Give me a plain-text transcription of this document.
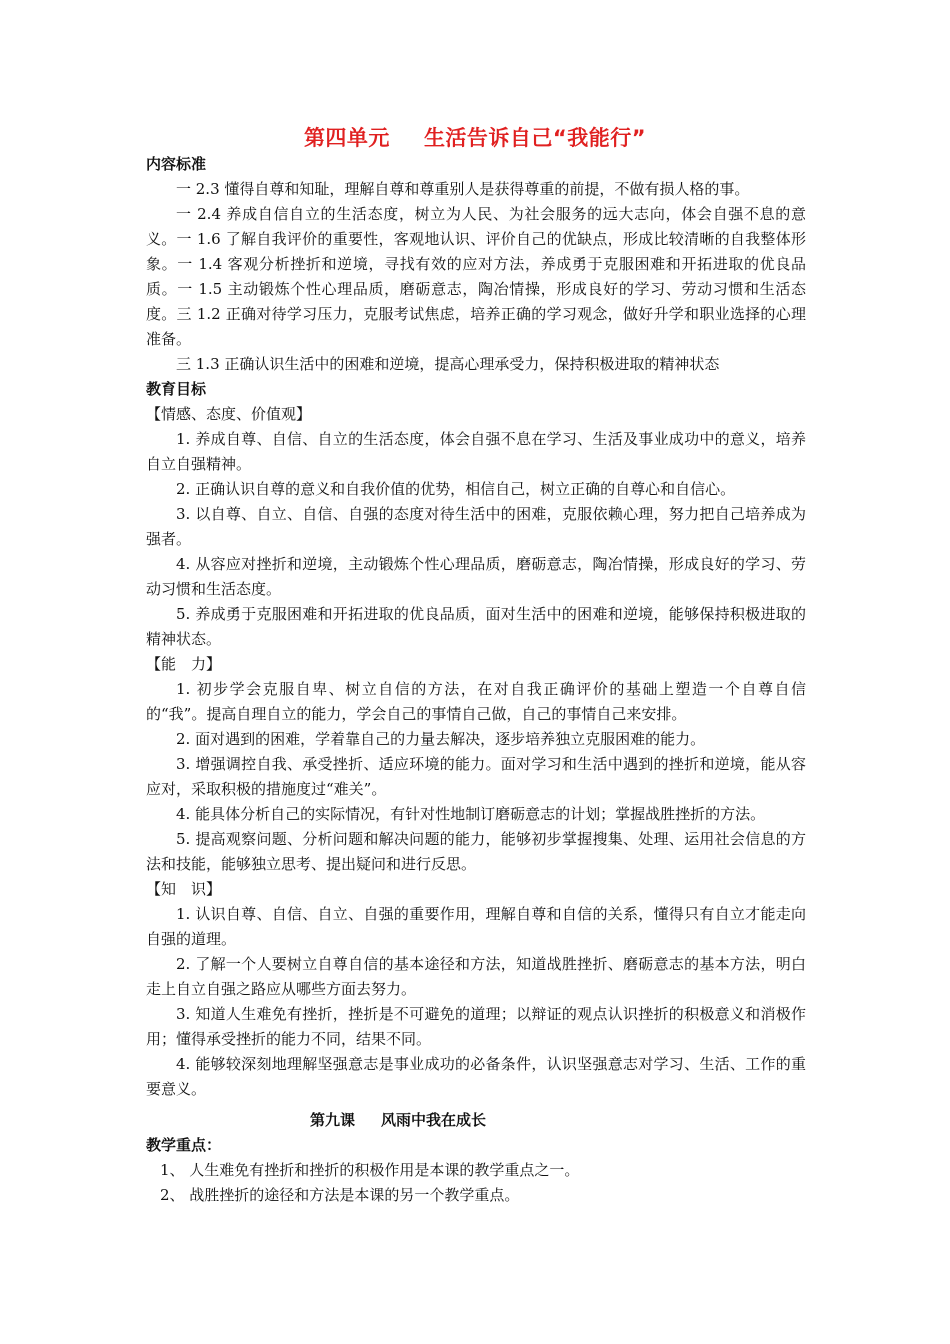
第四单元 生活告诉自己“我能行”

内容标准

一 2.3 懂得自尊和知耻，理解自尊和尊重别人是获得尊重的前提，不做有损人格的事。

一 2.4 养成自信自立的生活态度，树立为人民、为社会服务的远大志向，体会自强不息的意义。一 1.6 了解自我评价的重要性，客观地认识、评价自己的优缺点，形成比较清晰的自我整体形象。一 1.4 客观分析挫折和逆境，寻找有效的应对方法，养成勇于克服困难和开拓进取的优良品质。一 1.5 主动锻炼个性心理品质，磨砺意志，陶冶情操，形成良好的学习、劳动习惯和生活态度。三 1.2 正确对待学习压力，克服考试焦虑，培养正确的学习观念，做好升学和职业选择的心理准备。

三 1.3 正确认识生活中的困难和逆境，提高心理承受力，保持积极进取的精神状态

教育目标

【情感、态度、价值观】

1. 养成自尊、自信、自立的生活态度，体会自强不息在学习、生活及事业成功中的意义，培养自立自强精神。

2. 正确认识自尊的意义和自我价值的优势，相信自己，树立正确的自尊心和自信心。

3. 以自尊、自立、自信、自强的态度对待生活中的困难，克服依赖心理，努力把自己培养成为强者。

4. 从容应对挫折和逆境，主动锻炼个性心理品质，磨砺意志，陶冶情操，形成良好的学习、劳动习惯和生活态度。

5. 养成勇于克服困难和开拓进取的优良品质，面对生活中的困难和逆境，能够保持积极进取的精神状态。

【能　力】

1. 初步学会克服自卑、树立自信的方法，在对自我正确评价的基础上塑造一个自尊自信的“我”。提高自理自立的能力，学会自己的事情自己做，自己的事情自己来安排。

2. 面对遇到的困难，学着靠自己的力量去解决，逐步培养独立克服困难的能力。

3. 增强调控自我、承受挫折、适应环境的能力。面对学习和生活中遇到的挫折和逆境，能从容应对，采取积极的措施度过“难关”。

4. 能具体分析自己的实际情况，有针对性地制订磨砺意志的计划；掌握战胜挫折的方法。

5. 提高观察问题、分析问题和解决问题的能力，能够初步掌握搜集、处理、运用社会信息的方法和技能，能够独立思考、提出疑问和进行反思。

【知　识】

1. 认识自尊、自信、自立、自强的重要作用，理解自尊和自信的关系，懂得只有自立才能走向自强的道理。

2. 了解一个人要树立自尊自信的基本途径和方法，知道战胜挫折、磨砺意志的基本方法，明白走上自立自强之路应从哪些方面去努力。

3. 知道人生难免有挫折，挫折是不可避免的道理；以辩证的观点认识挫折的积极意义和消极作用；懂得承受挫折的能力不同，结果不同。

4. 能够较深刻地理解坚强意志是事业成功的必备条件，认识坚强意志对学习、生活、工作的重要意义。

第九课 风雨中我在成长

教学重点：

1、 人生难免有挫折和挫折的积极作用是本课的教学重点之一。

2、 战胜挫折的途径和方法是本课的另一个教学重点。
